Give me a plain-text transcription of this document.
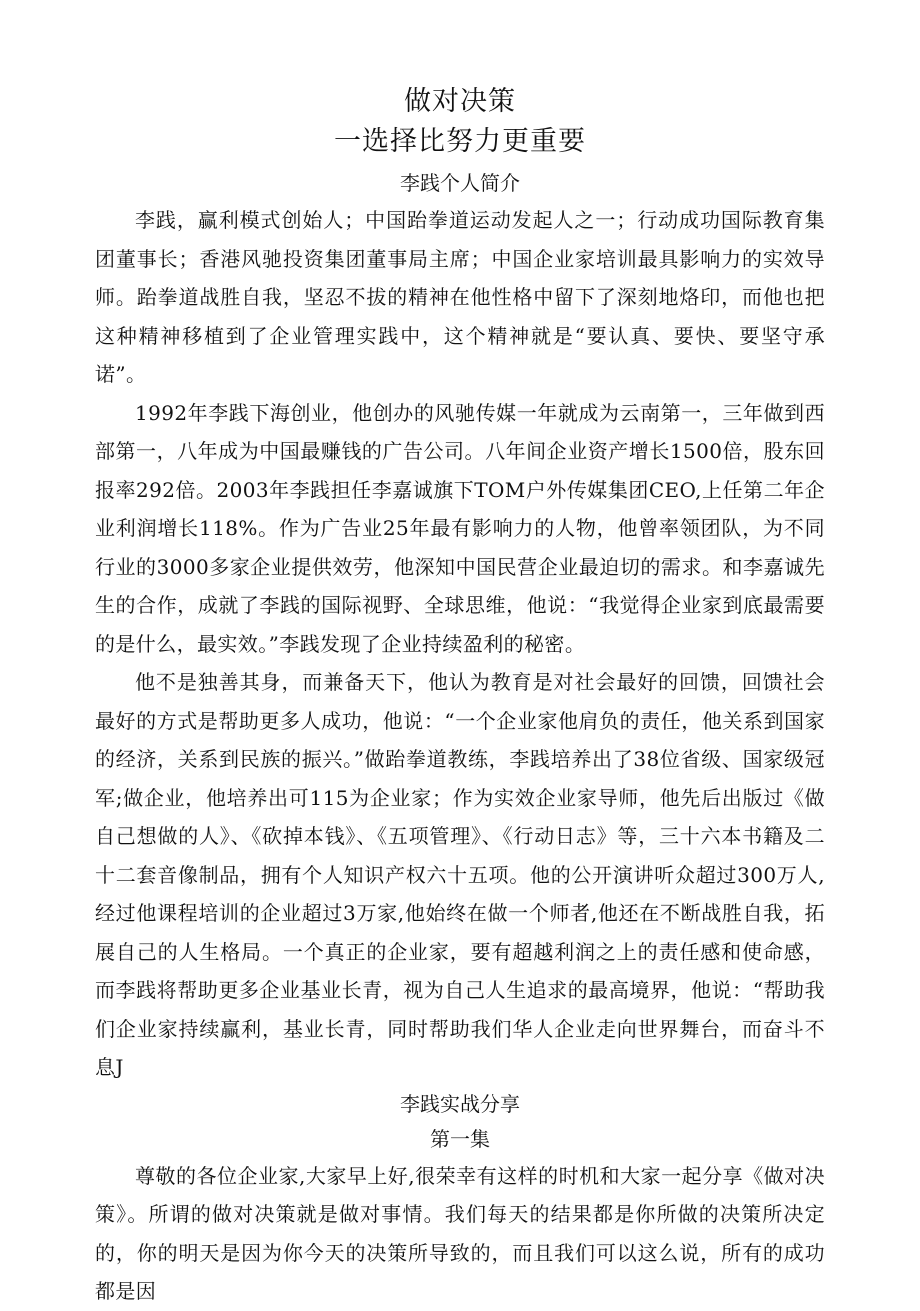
做对决策
一选择比努力更重要
李践个人简介

李践，赢利模式创始人；中国跆拳道运动发起人之一；行动成功国际教育集团董事长；香港风驰投资集团董事局主席；中国企业家培训最具影响力的实效导师。跆拳道战胜自我，坚忍不拔的精神在他性格中留下了深刻地烙印，而他也把这种精神移植到了企业管理实践中，这个精神就是“要认真、要快、要坚守承诺”。

1992年李践下海创业，他创办的风驰传媒一年就成为云南第一，三年做到西部第一，八年成为中国最赚钱的广告公司。八年间企业资产增长1500倍，股东回报率292倍。2003年李践担任李嘉诚旗下TOM户外传媒集团CEO,上任第二年企业利润增长118%。作为广告业25年最有影响力的人物，他曾率领团队，为不同行业的3000多家企业提供效劳，他深知中国民营企业最迫切的需求。和李嘉诚先生的合作，成就了李践的国际视野、全球思维，他说：“我觉得企业家到底最需要的是什么，最实效。”李践发现了企业持续盈利的秘密。

他不是独善其身，而兼备天下，他认为教育是对社会最好的回馈，回馈社会最好的方式是帮助更多人成功，他说：“一个企业家他肩负的责任，他关系到国家的经济，关系到民族的振兴。”做跆拳道教练，李践培养出了38位省级、国家级冠军;做企业，他培养出可115为企业家；作为实效企业家导师，他先后出版过《做自己想做的人》、《砍掉本钱》、《五项管理》、《行动日志》等，三十六本书籍及二十二套音像制品，拥有个人知识产权六十五项。他的公开演讲听众超过300万人,经过他课程培训的企业超过3万家,他始终在做一个师者,他还在不断战胜自我，拓展自己的人生格局。一个真正的企业家，要有超越利润之上的责任感和使命感，而李践将帮助更多企业基业长青，视为自己人生追求的最高境界，他说：“帮助我们企业家持续赢利，基业长青，同时帮助我们华人企业走向世界舞台，而奋斗不息J

李践实战分享
第一集

尊敬的各位企业家,大家早上好,很荣幸有这样的时机和大家一起分享《做对决策》。所谓的做对决策就是做对事情。我们每天的结果都是你所做的决策所决定的，你的明天是因为你今天的决策所导致的，而且我们可以这么说，所有的成功都是因
